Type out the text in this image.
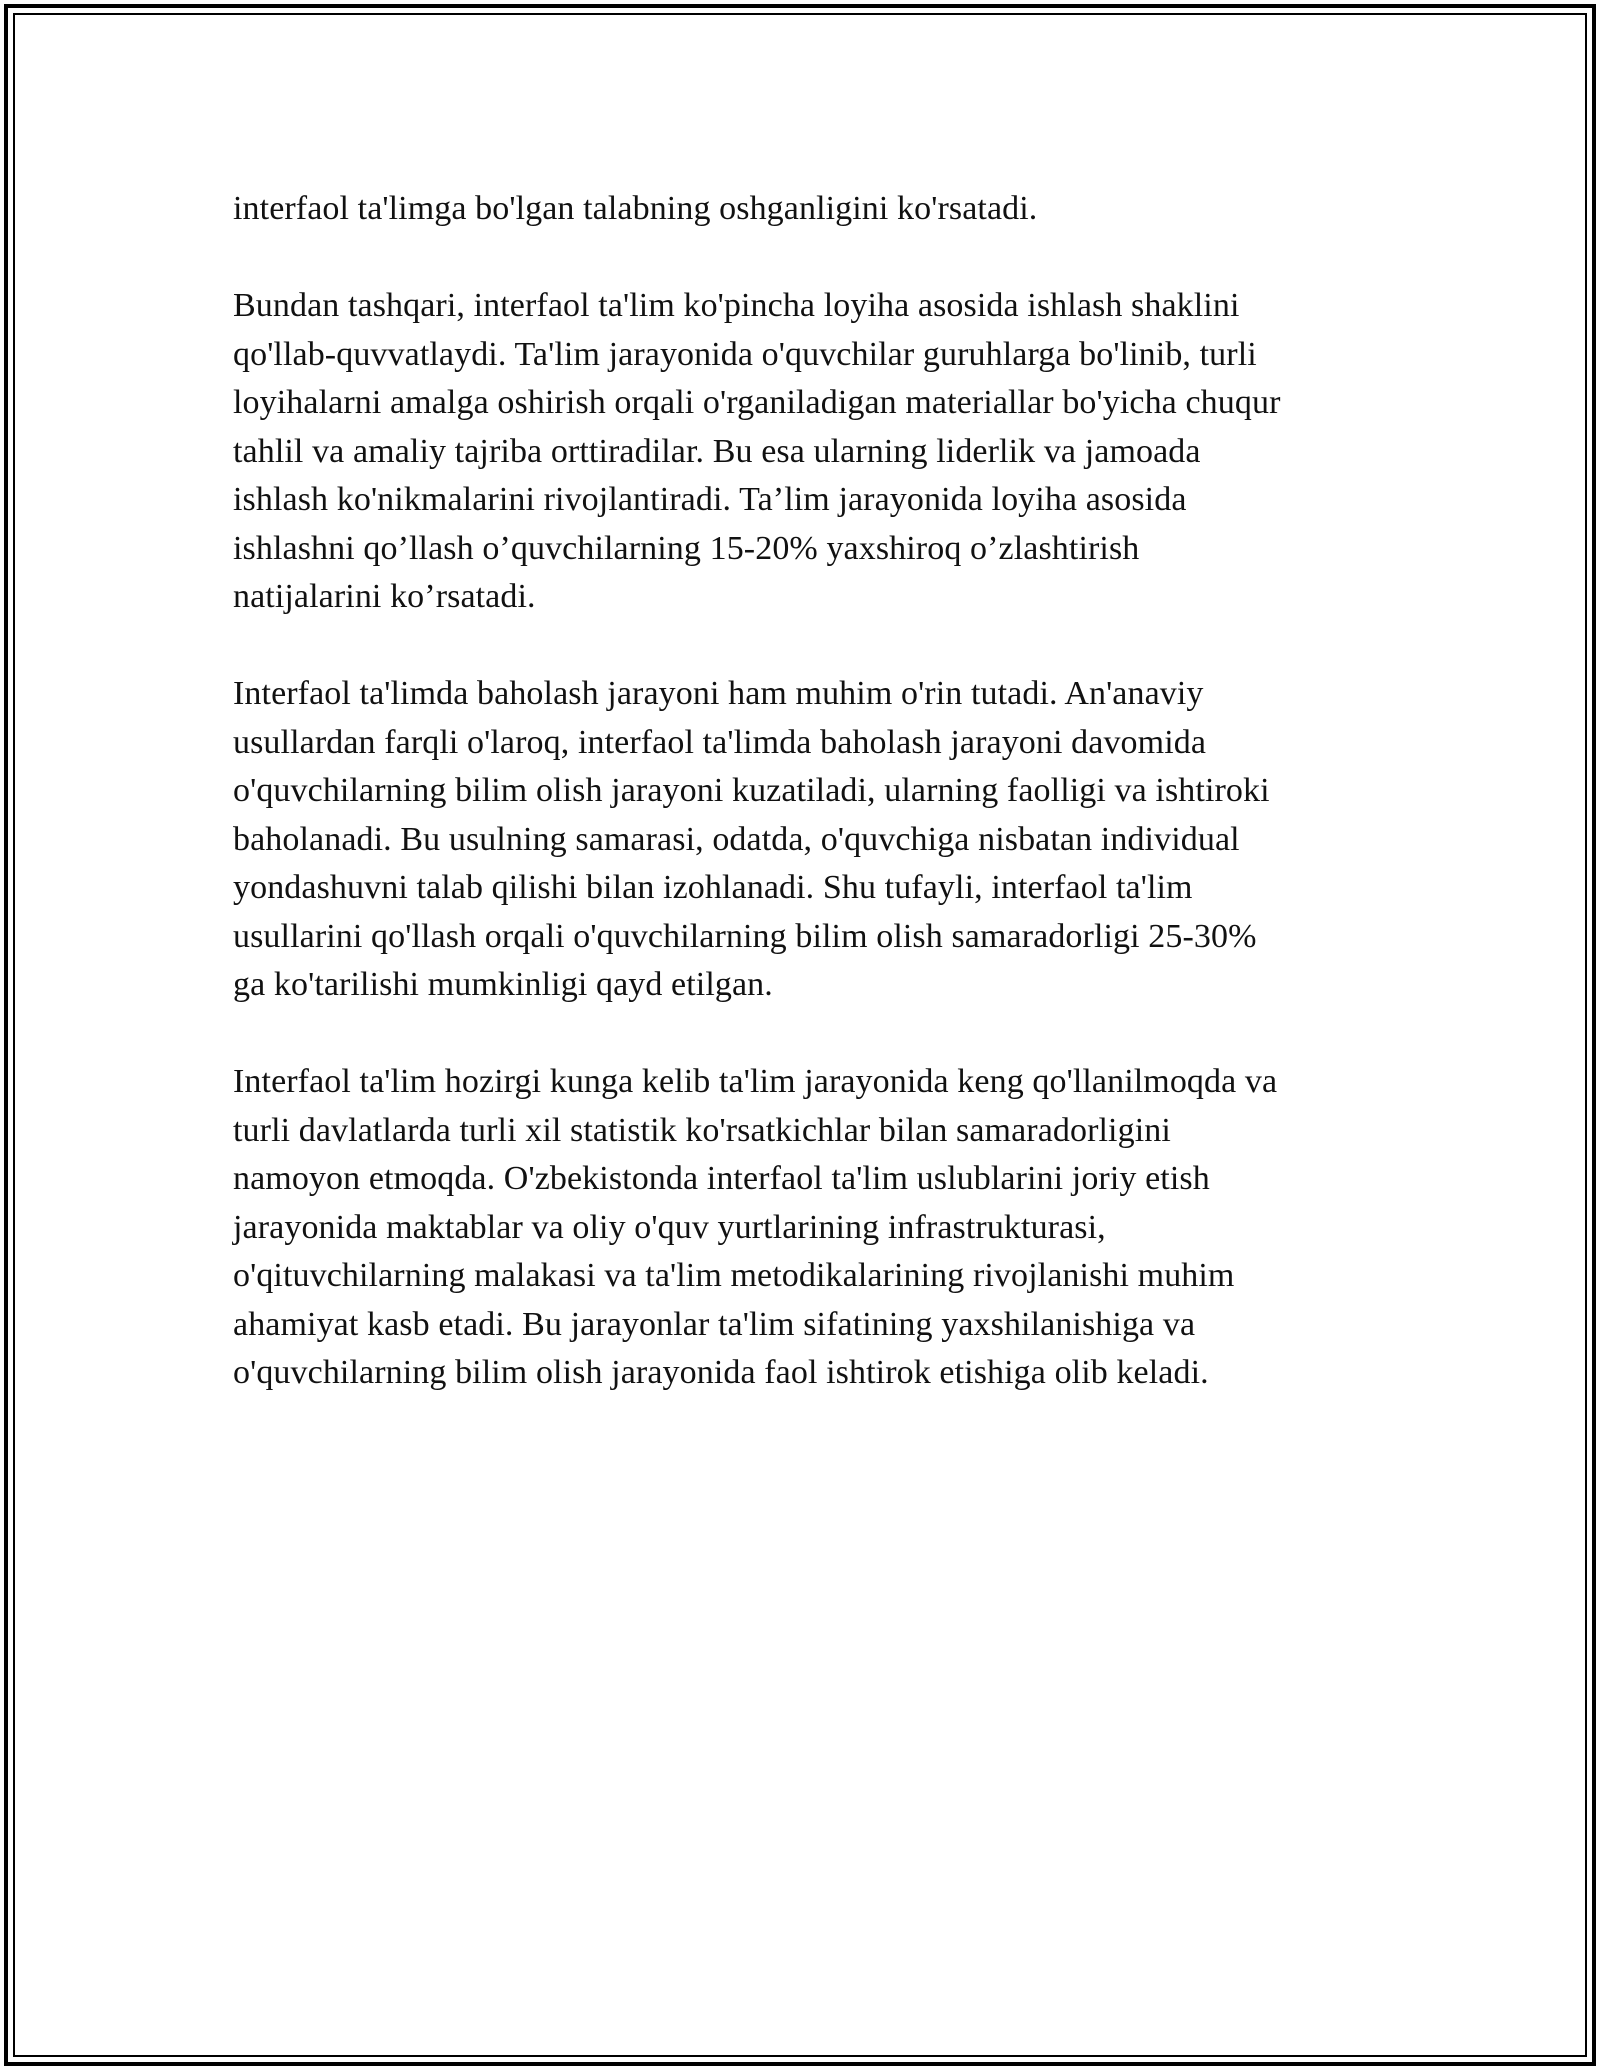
interfaol ta'limga bo'lgan talabning oshganligini ko'rsatadi.

Bundan tashqari, interfaol ta'lim ko'pincha loyiha asosida ishlash shaklini
qo'llab-quvvatlaydi. Ta'lim jarayonida o'quvchilar guruhlarga bo'linib, turli
loyihalarni amalga oshirish orqali o'rganiladigan materiallar bo'yicha chuqur
tahlil va amaliy tajriba orttiradilar. Bu esa ularning liderlik va jamoada
ishlash ko'nikmalarini rivojlantiradi. Ta’lim jarayonida loyiha asosida
ishlashni qo’llash o’quvchilarning 15-20% yaxshiroq o’zlashtirish
natijalarini ko’rsatadi.

Interfaol ta'limda baholash jarayoni ham muhim o'rin tutadi. An'anaviy
usullardan farqli o'laroq, interfaol ta'limda baholash jarayoni davomida
o'quvchilarning bilim olish jarayoni kuzatiladi, ularning faolligi va ishtiroki
baholanadi. Bu usulning samarasi, odatda, o'quvchiga nisbatan individual
yondashuvni talab qilishi bilan izohlanadi. Shu tufayli, interfaol ta'lim
usullarini qo'llash orqali o'quvchilarning bilim olish samaradorligi 25-30%
ga ko'tarilishi mumkinligi qayd etilgan.

Interfaol ta'lim hozirgi kunga kelib ta'lim jarayonida keng qo'llanilmoqda va
turli davlatlarda turli xil statistik ko'rsatkichlar bilan samaradorligini
namoyon etmoqda. O'zbekistonda interfaol ta'lim uslublarini joriy etish
jarayonida maktablar va oliy o'quv yurtlarining infrastrukturasi,
o'qituvchilarning malakasi va ta'lim metodikalarining rivojlanishi muhim
ahamiyat kasb etadi. Bu jarayonlar ta'lim sifatining yaxshilanishiga va
o'quvchilarning bilim olish jarayonida faol ishtirok etishiga olib keladi.
